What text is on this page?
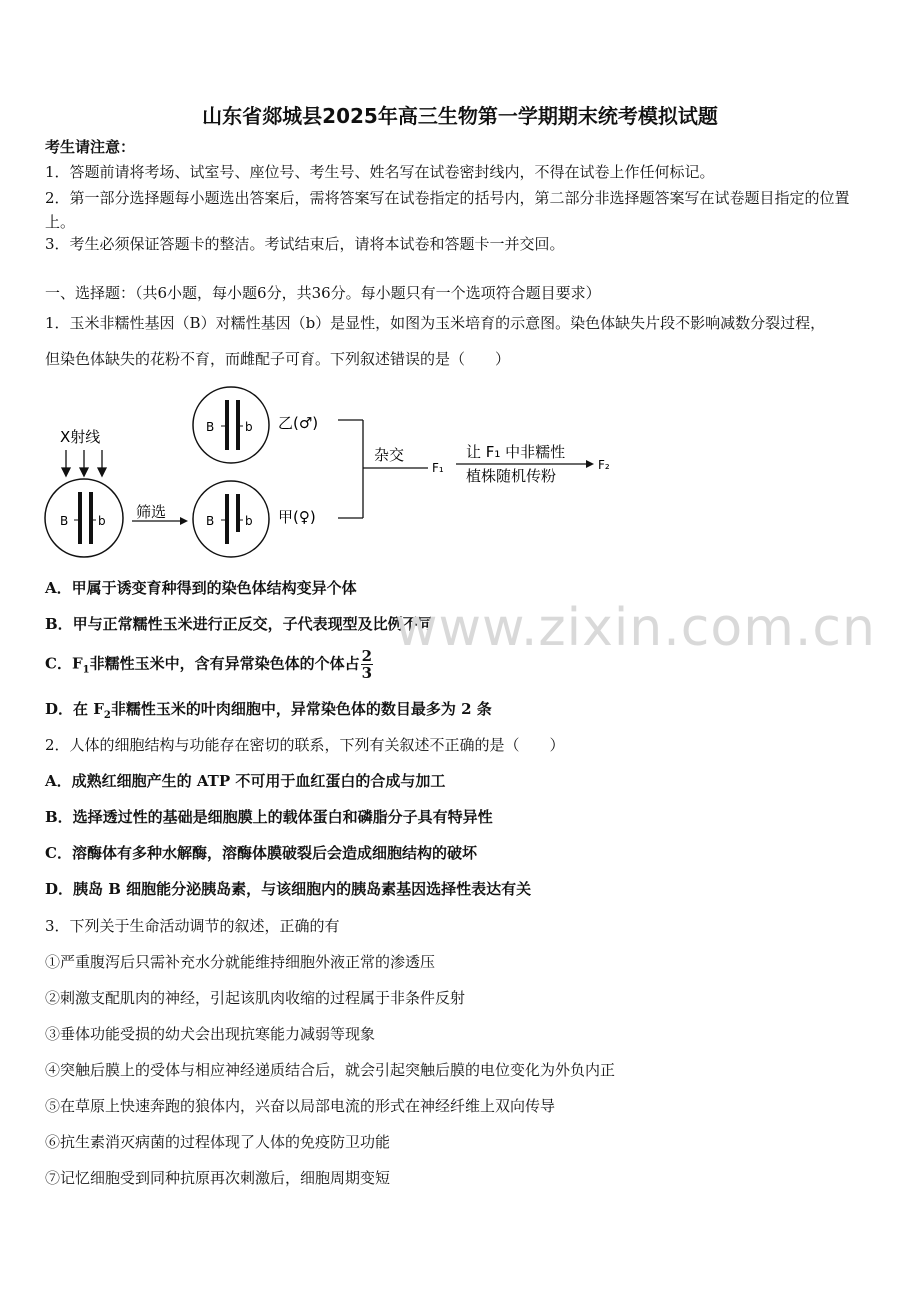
山东省郯城县2025年高三生物第一学期期末统考模拟试题
考生请注意：
1．答题前请将考场、试室号、座位号、考生号、姓名写在试卷密封线内，不得在试卷上作任何标记。
2．第一部分选择题每小题选出答案后，需将答案写在试卷指定的括号内，第二部分非选择题答案写在试卷题目指定的位置上。
3．考生必须保证答题卡的整洁。考试结束后，请将本试卷和答题卡一并交回。
一、选择题：（共6小题，每小题6分，共36分。每小题只有一个选项符合题目要求）
1．玉米非糯性基因（B）对糯性基因（b）是显性，如图为玉米培育的示意图。染色体缺失片段不影响减数分裂过程，
但染色体缺失的花粉不育，而雌配子可育。下列叙述错误的是（　　）
X射线
B b 筛选
B	b 乙(♂)
B	b 甲(♀)
杂交
F₁
让 F₁ 中非糯性
植株随机传粉
F₂
A．甲属于诱变育种得到的染色体结构变异个体
B．甲与正常糯性玉米进行正反交，子代表现型及比例不同
C．$F_1$非糯性玉米中，含有异常染色体的个体占 $\frac{2}{3}$
D．在 $F_2$非糯性玉米的叶肉细胞中，异常染色体的数目最多为 2 条
www.zixin.com.cn
2．人体的细胞结构与功能存在密切的联系，下列有关叙述不正确的是（　　）
A．成熟红细胞产生的 ATP 不可用于血红蛋白的合成与加工
B．选择透过性的基础是细胞膜上的载体蛋白和磷脂分子具有特异性
C．溶酶体有多种水解酶，溶酶体膜破裂后会造成细胞结构的破坏
D．胰岛 B 细胞能分泌胰岛素，与该细胞内的胰岛素基因选择性表达有关
3．下列关于生命活动调节的叙述，正确的有
①严重腹泻后只需补充水分就能维持细胞外液正常的渗透压
②刺激支配肌肉的神经，引起该肌肉收缩的过程属于非条件反射
③垂体功能受损的幼犬会出现抗寒能力减弱等现象
④突触后膜上的受体与相应神经递质结合后，就会引起突触后膜的电位变化为外负内正
⑤在草原上快速奔跑的狼体内，兴奋以局部电流的形式在神经纤维上双向传导
⑥抗生素消灭病菌的过程体现了人体的免疫防卫功能
⑦记忆细胞受到同种抗原再次刺激后，细胞周期变短
